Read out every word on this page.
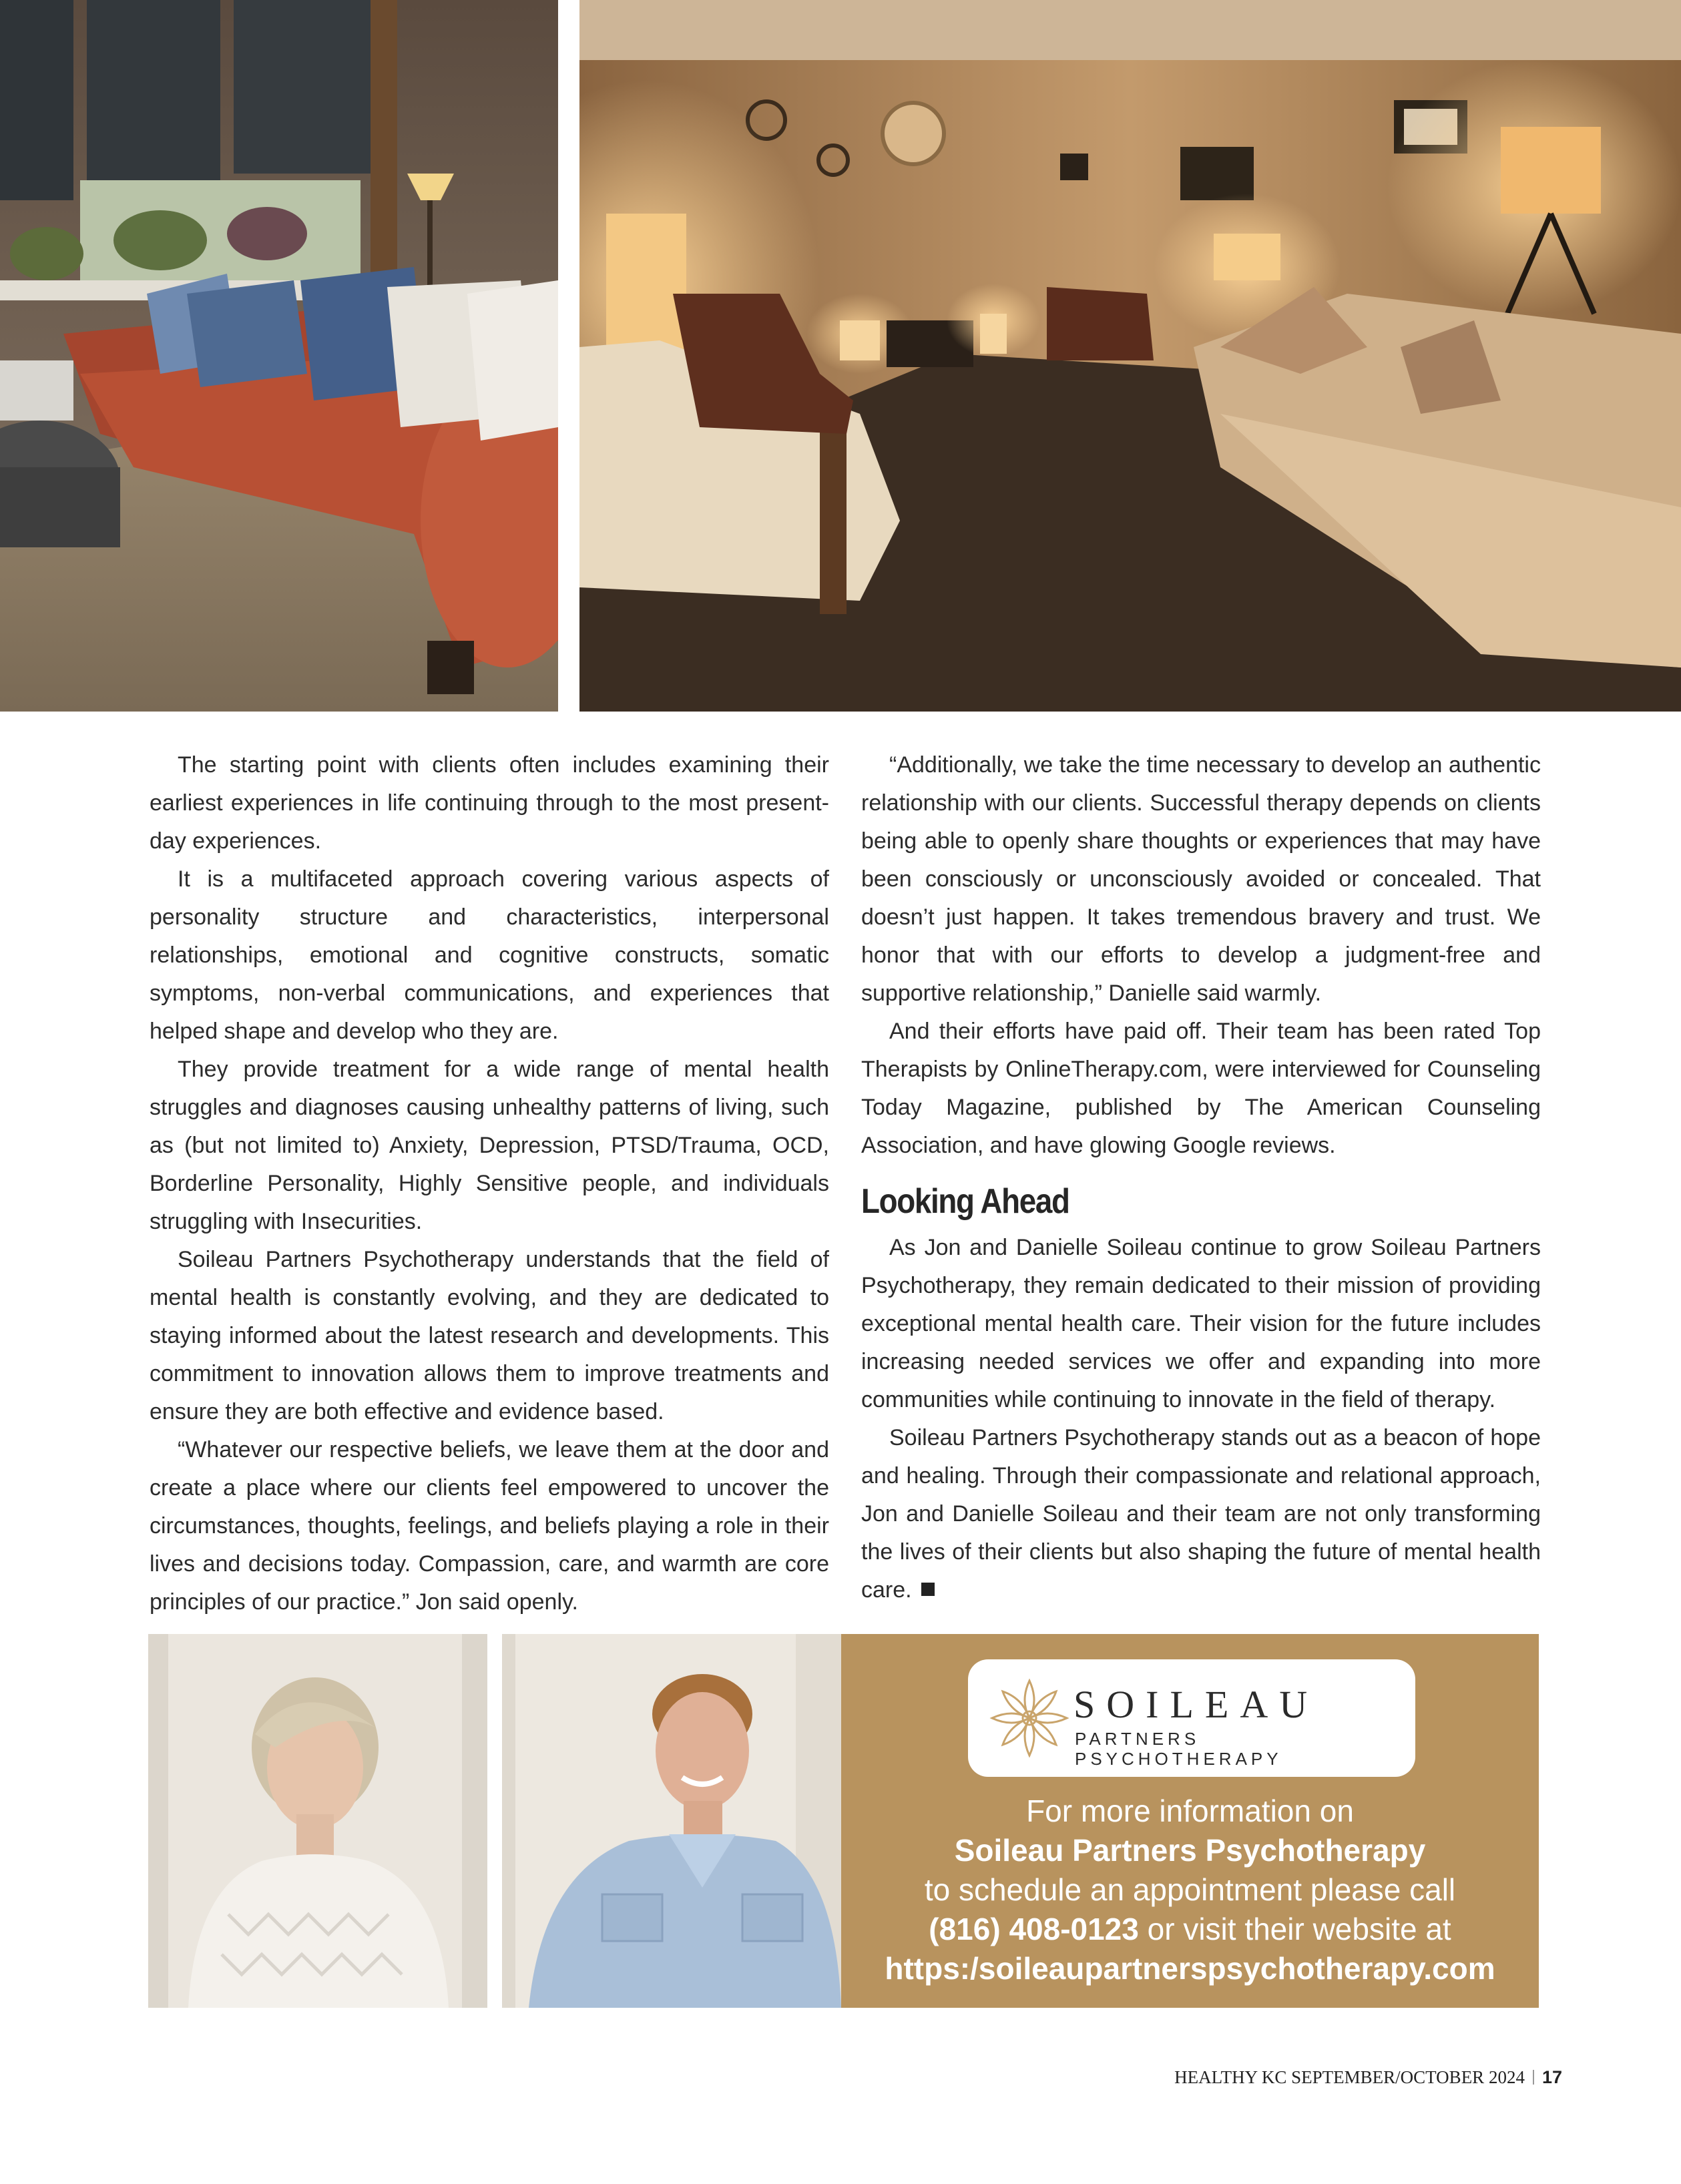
The starting point with clients often includes examining their earliest experiences in life continuing through to the most present-day experiences.

It is a multifaceted approach covering various aspects of personality structure and characteristics, interpersonal relationships, emotional and cognitive constructs, somatic symptoms, non-verbal communications, and experiences that helped shape and develop who they are.

They provide treatment for a wide range of mental health struggles and diagnoses causing unhealthy patterns of living, such as (but not limited to) Anxiety, Depression, PTSD/Trauma, OCD, Borderline Personality, Highly Sensitive people, and individuals struggling with Insecurities.

Soileau Partners Psychotherapy understands that the field of mental health is constantly evolving, and they are dedicated to staying informed about the latest research and developments. This commitment to innovation allows them to improve treatments and ensure they are both effective and evidence based.

“Whatever our respective beliefs, we leave them at the door and create a place where our clients feel empowered to uncover the circumstances, thoughts, feelings, and beliefs playing a role in their lives and decisions today. Compassion, care, and warmth are core principles of our practice.” Jon said openly.

“Additionally, we take the time necessary to develop an authentic relationship with our clients. Successful therapy depends on clients being able to openly share thoughts or experiences that may have been consciously or unconsciously avoided or concealed. That doesn’t just happen. It takes tremendous bravery and trust. We honor that with our efforts to develop a judgment-free and supportive relationship,” Danielle said warmly.

And their efforts have paid off. Their team has been rated Top Therapists by OnlineTherapy.com, were interviewed for Counseling Today Magazine, published by The American Counseling Association, and have glowing Google reviews.

Looking Ahead

As Jon and Danielle Soileau continue to grow Soileau Partners Psychotherapy, they remain dedicated to their mission of providing exceptional mental health care. Their vision for the future includes increasing needed services we offer and expanding into more communities while continuing to innovate in the field of therapy.

Soileau Partners Psychotherapy stands out as a beacon of hope and healing. Through their compassionate and relational approach, Jon and Danielle Soileau and their team are not only transforming the lives of their clients but also shaping the future of mental health care.

SOILEAU
PARTNERS PSYCHOTHERAPY
For more information on
Soileau Partners Psychotherapy
to schedule an appointment please call
(816) 408-0123 or visit their website at
https:/soileaupartnerspsychotherapy.com
HEALTHY KC SEPTEMBER/OCTOBER 2024 17
